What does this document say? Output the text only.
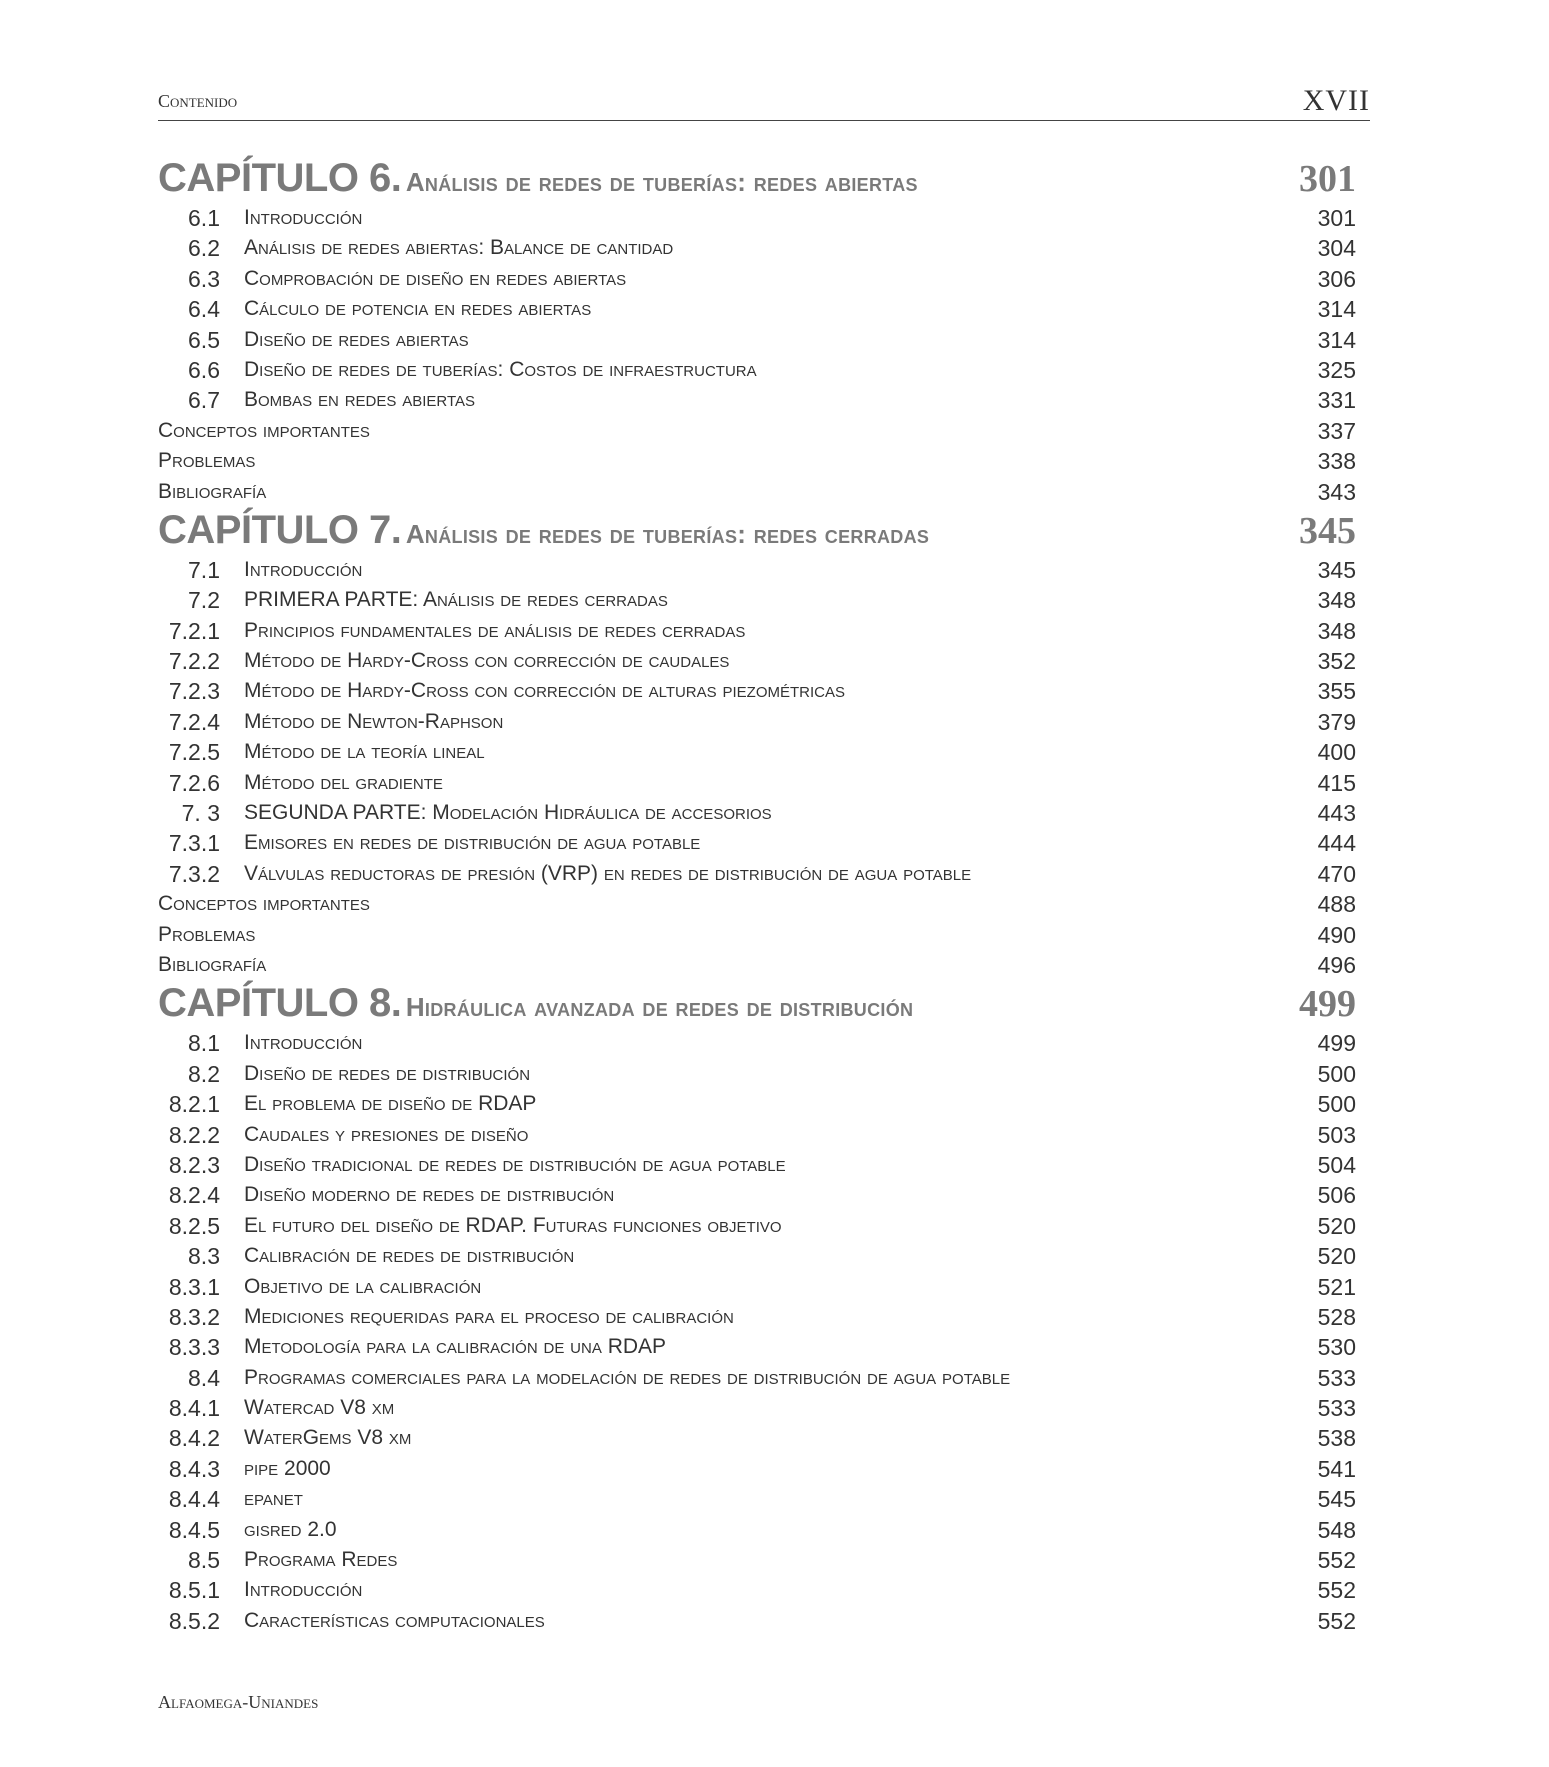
Contenido	XVII
CAPÍTULO 6. Análisis de redes de tuberías: redes abiertas	301
6.1 Introducción	301
6.2 Análisis de redes abiertas: Balance de cantidad	304
6.3 Comprobación de diseño en redes abiertas	306
6.4 Cálculo de potencia en redes abiertas	314
6.5 Diseño de redes abiertas	314
6.6 Diseño de redes de tuberías: Costos de infraestructura	325
6.7 Bombas en redes abiertas	331
Conceptos importantes	337
Problemas	338
Bibliografía	343
CAPÍTULO 7. Análisis de redes de tuberías: redes cerradas	345
7.1 Introducción	345
7.2 PRIMERA PARTE: Análisis de redes cerradas	348
7.2.1 Principios fundamentales de análisis de redes cerradas	348
7.2.2 Método de Hardy-Cross con corrección de caudales	352
7.2.3 Método de Hardy-Cross con corrección de alturas piezométricas	355
7.2.4 Método de Newton-Raphson	379
7.2.5 Método de la teoría lineal	400
7.2.6 Método del gradiente	415
7. 3 SEGUNDA PARTE: Modelación Hidráulica de accesorios	443
7.3.1 Emisores en redes de distribución de agua potable	444
7.3.2 Válvulas reductoras de presión (VRP) en redes de distribución de agua potable	470
Conceptos importantes	488
Problemas	490
Bibliografía	496
CAPÍTULO 8. Hidráulica avanzada de redes de distribución	499
8.1 Introducción	499
8.2 Diseño de redes de distribución	500
8.2.1 El problema de diseño de RDAP	500
8.2.2 Caudales y presiones de diseño	503
8.2.3 Diseño tradicional de redes de distribución de agua potable	504
8.2.4 Diseño moderno de redes de distribución	506
8.2.5 El futuro del diseño de RDAP. Futuras funciones objetivo	520
8.3 Calibración de redes de distribución	520
8.3.1 Objetivo de la calibración	521
8.3.2 Mediciones requeridas para el proceso de calibración	528
8.3.3 Metodología para la calibración de una RDAP	530
8.4 Programas comerciales para la modelación de redes de distribución de agua potable	533
8.4.1 Watercad V8 xm	533
8.4.2 WaterGems V8 xm	538
8.4.3 pipe 2000	541
8.4.4 epanet	545
8.4.5 gisred 2.0	548
8.5 Programa Redes	552
8.5.1 Introducción	552
8.5.2 Características computacionales	552
Alfaomega-Uniandes
